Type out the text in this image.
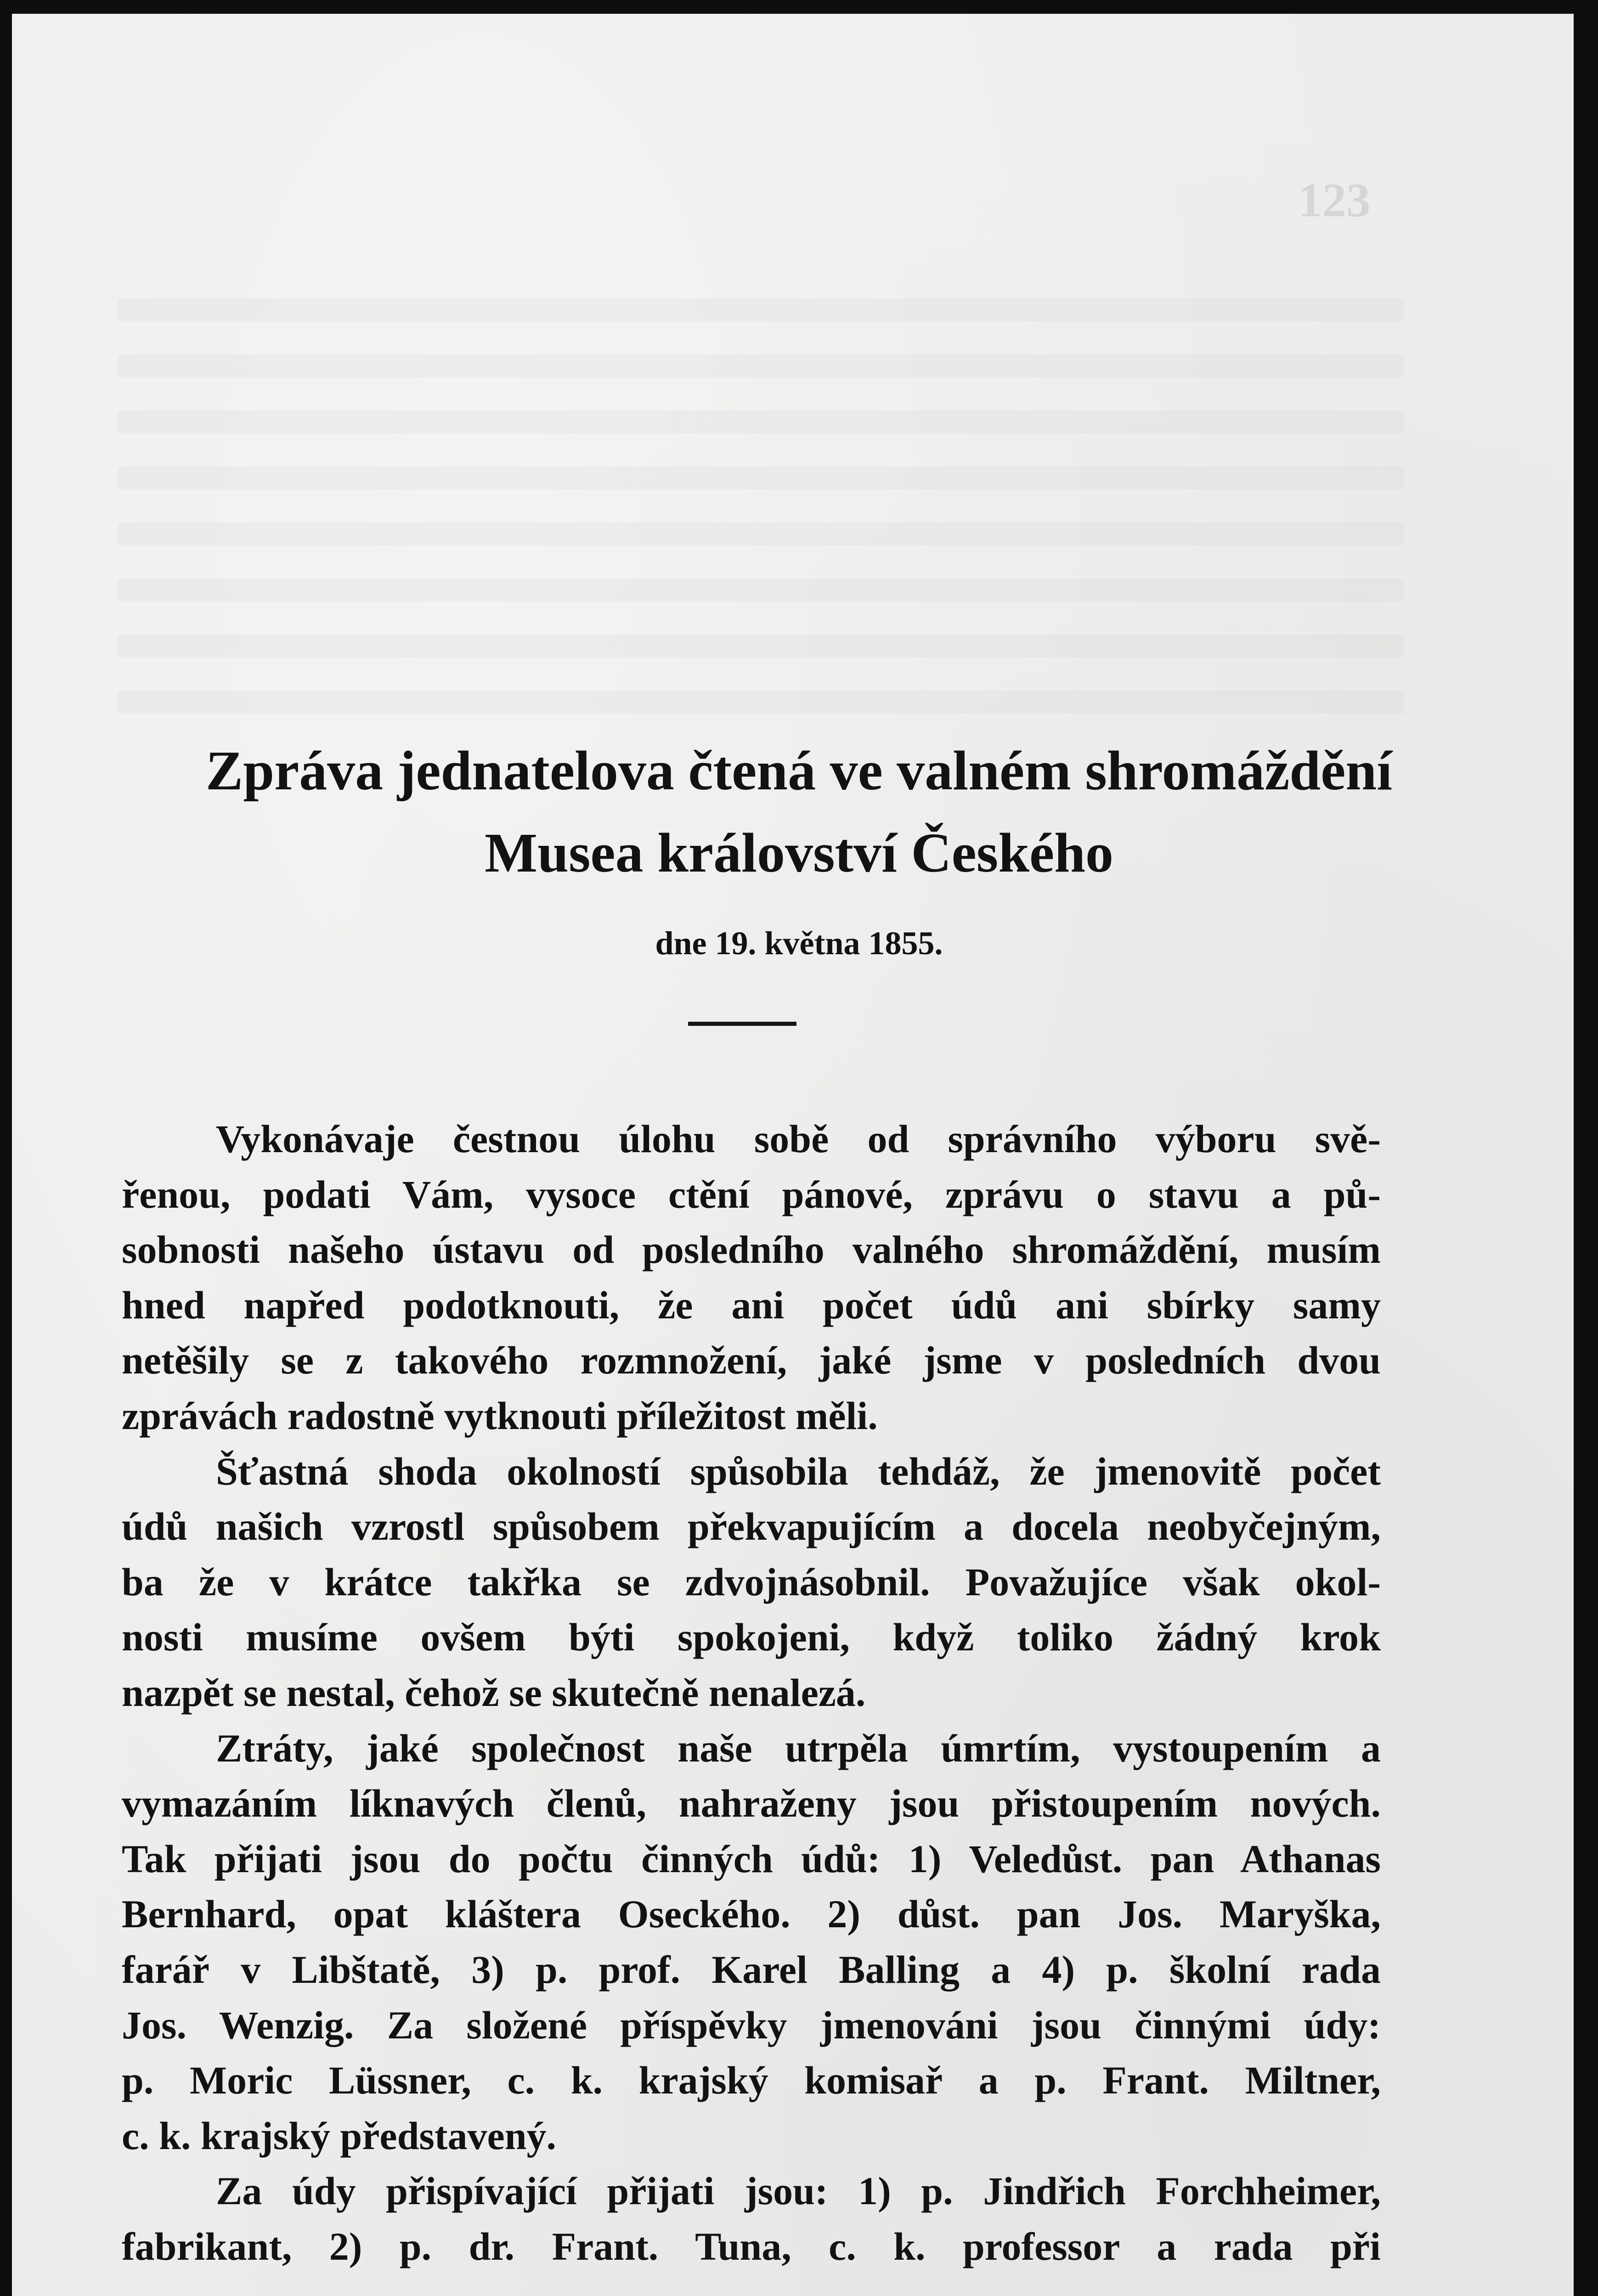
123
Zpráva jednatelova čtená ve valném shromáždění
Musea království Českého
dne 19. května 1855.
Vykonávaje čestnou úlohu sobě od správního výboru svě-
řenou, podati Vám, vysoce ctění pánové, zprávu o stavu a pů-
sobnosti našeho ústavu od posledního valného shromáždění, musím
hned napřed podotknouti, že ani počet údů ani sbírky samy
netěšily se z takového rozmnožení, jaké jsme v posledních dvou
zprávách radostně vytknouti příležitost měli.
Šťastná shoda okolností spůsobila tehdáž, že jmenovitě počet
údů našich vzrostl spůsobem překvapujícím a docela neobyčejným,
ba že v krátce takřka se zdvojnásobnil. Považujíce však okol-
nosti musíme ovšem býti spokojeni, když toliko žádný krok
nazpět se nestal, čehož se skutečně nenalezá.
Ztráty, jaké společnost naše utrpěla úmrtím, vystoupením a
vymazáním líknavých členů, nahraženy jsou přistoupením nových.
Tak přijati jsou do počtu činných údů: 1) Veledůst. pan Athanas
Bernhard, opat kláštera Oseckého. 2) důst. pan Jos. Maryška,
farář v Libštatě, 3) p. prof. Karel Balling a 4) p. školní rada
Jos. Wenzig. Za složené příspěvky jmenováni jsou činnými údy:
p. Moric Lüssner, c. k. krajský komisař a p. Frant. Miltner,
c. k. krajský představený.
Za údy přispívající přijati jsou: 1) p. Jindřich Forchheimer,
fabrikant, 2) p. dr. Frant. Tuna, c. k. professor a rada při
